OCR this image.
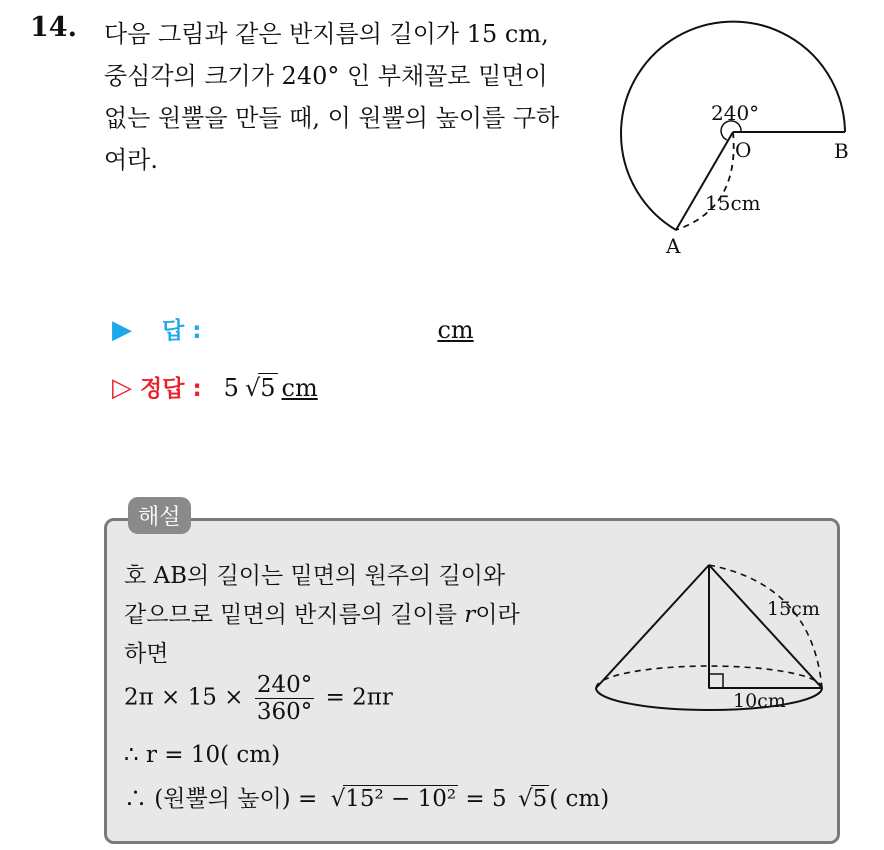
14. 다음 그림과 같은 반지름의 길이가 15 cm,
중심각의 크기가 240° 인 부채꼴로 밑면이
없는 원뿔을 만들 때, 이 원뿔의 높이를 구하
여라.
240°
O	B
A
15cm
▶ 답 :	cm
▷ 정답 : 5 √ 5 cm
해설
호 AB의 길이는 밑면의 원주의 길이와
같으므로 밑면의 반지름의 길이를 r이라
하면
$2\pi \times 15 \times \frac{240^\circ}{360^\circ} = 2\pi r$
∴ r = 10( cm)
∴ (원뿔의 높이) = √15² − 10² = 5 √5( cm)
15cm
10cm
